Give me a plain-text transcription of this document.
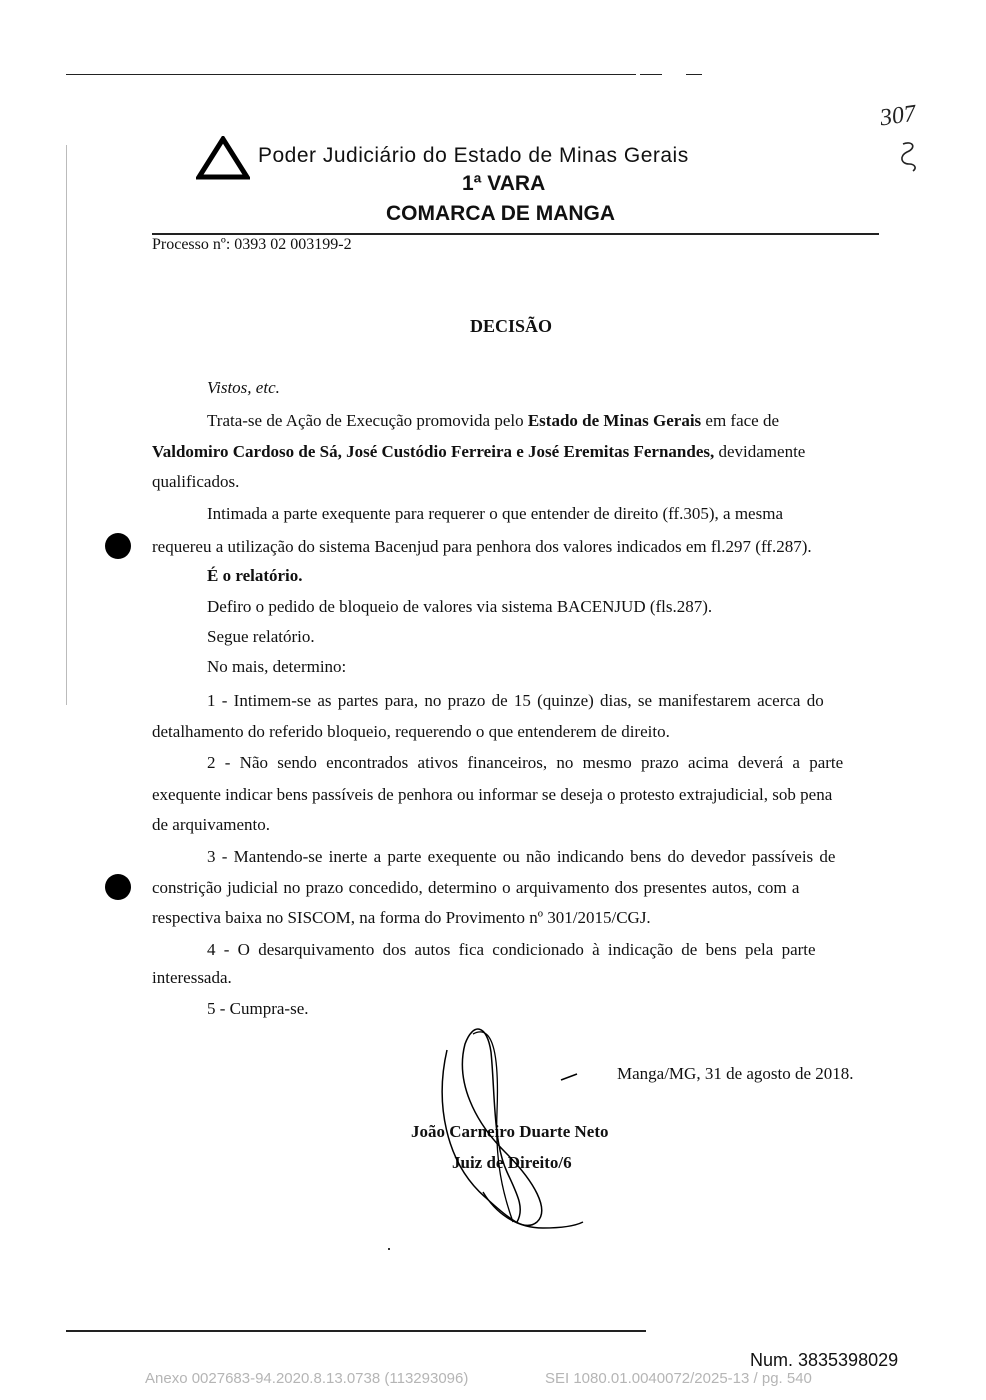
Poder Judiciário do Estado de Minas Gerais
1ª VARA
COMARCA DE MANGA
Processo nº: 0393 02 003199-2
307
DECISÃO
Vistos, etc.
Trata-se de Ação de Execução promovida pelo Estado de Minas Gerais em face de
Valdomiro Cardoso de Sá, José Custódio Ferreira e José Eremitas Fernandes, devidamente
qualificados.
Intimada a parte exequente para requerer o que entender de direito (ff.305), a mesma
requereu a utilização do sistema Bacenjud para penhora dos valores indicados em fl.297 (ff.287).
É o relatório.
Defiro o pedido de bloqueio de valores via sistema BACENJUD (fls.287).
Segue relatório.
No mais, determino:
1 - Intimem-se as partes para, no prazo de 15 (quinze) dias, se manifestarem acerca do
detalhamento do referido bloqueio, requerendo o que entenderem de direito.
2 - Não sendo encontrados ativos financeiros, no mesmo prazo acima deverá a parte
exequente indicar bens passíveis de penhora ou informar se deseja o protesto extrajudicial, sob pena
de arquivamento.
3 - Mantendo-se inerte a parte exequente ou não indicando bens do devedor passíveis de
constrição judicial no prazo concedido, determino o arquivamento dos presentes autos, com a
respectiva baixa no SISCOM, na forma do Provimento nº 301/2015/CGJ.
4 - O desarquivamento dos autos fica condicionado à indicação de bens pela parte
interessada.
5 - Cumpra-se.
Manga/MG, 31 de agosto de 2018.
João Carneiro Duarte Neto
Juiz de Direito/6
Num. 3835398029
Anexo 0027683-94.2020.8.13.0738 (113293096)	SEI 1080.01.0040072/2025-13 / pg. 540
